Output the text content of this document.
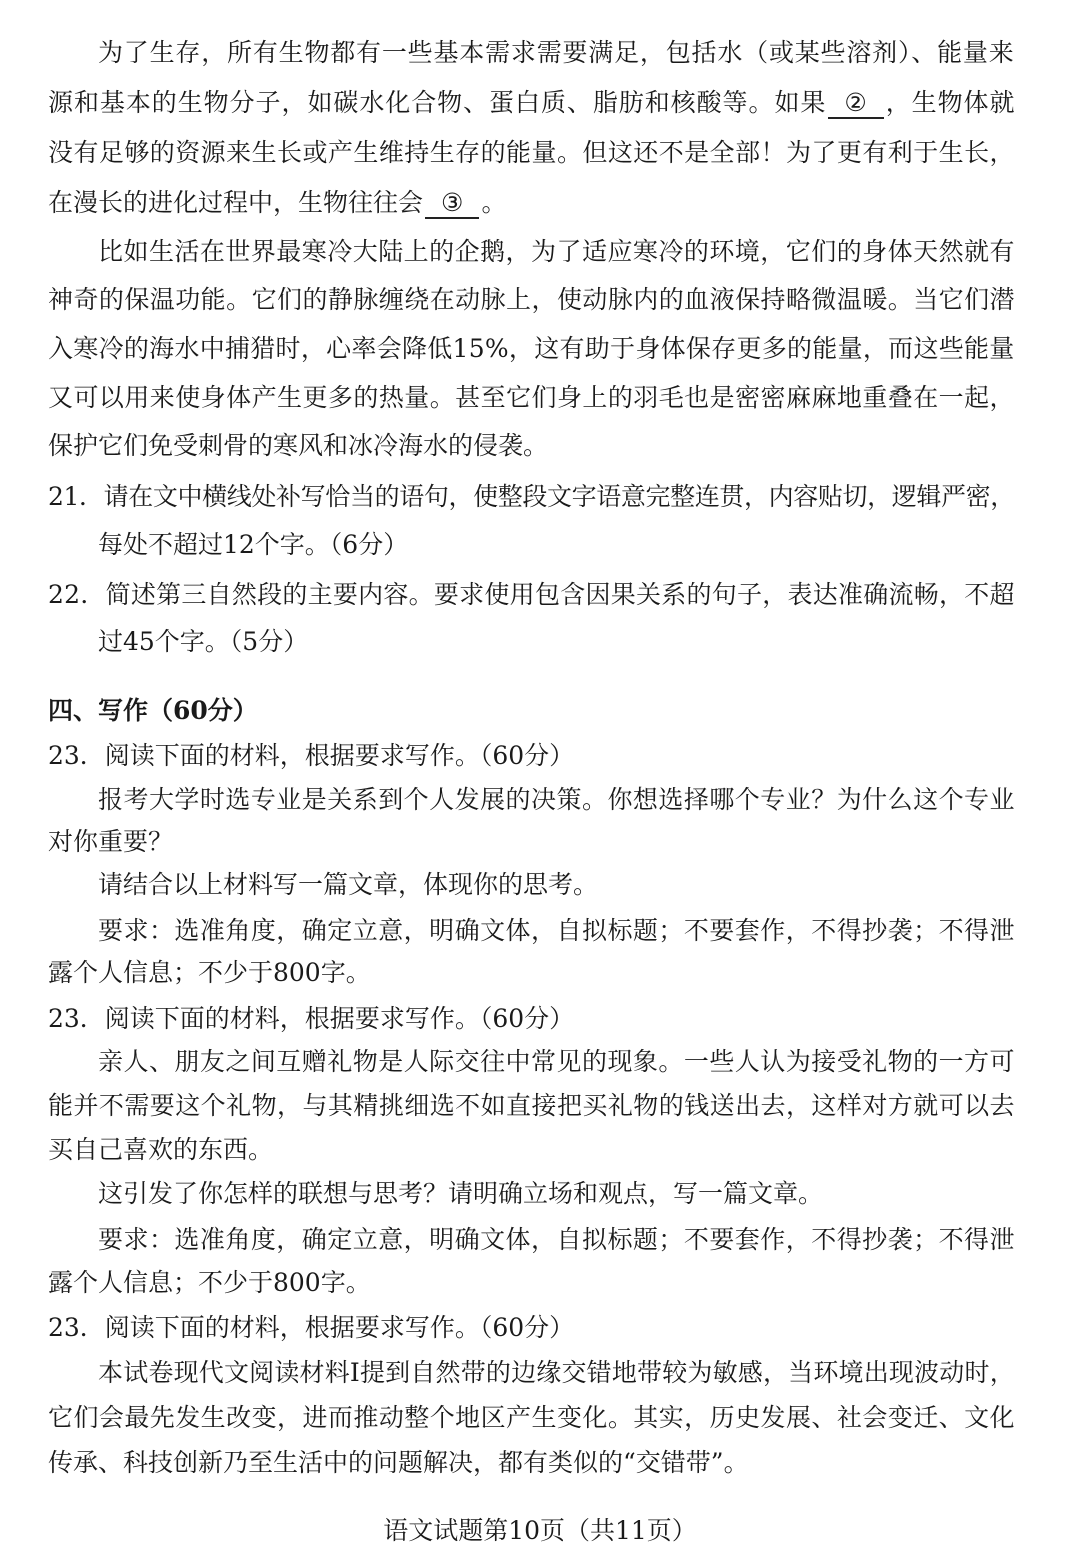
为了生存，所有生物都有一些基本需求需要满足，包括水（或某些溶剂）、能量来
源和基本的生物分子，如碳水化合物、蛋白质、脂肪和核酸等。如果 ② ，生物体就
没有足够的资源来生长或产生维持生存的能量。但这还不是全部！为了更有利于生长，
在漫长的进化过程中，生物往往会 ③ 。
比如生活在世界最寒冷大陆上的企鹅，为了适应寒冷的环境，它们的身体天然就有
神奇的保温功能。它们的静脉缠绕在动脉上，使动脉内的血液保持略微温暖。当它们潜
入寒冷的海水中捕猎时，心率会降低15%，这有助于身体保存更多的能量，而这些能量
又可以用来使身体产生更多的热量。甚至它们身上的羽毛也是密密麻麻地重叠在一起，
保护它们免受刺骨的寒风和冰冷海水的侵袭。
21．请在文中横线处补写恰当的语句，使整段文字语意完整连贯，内容贴切，逻辑严密，
每处不超过12个字。（6分）
22．简述第三自然段的主要内容。要求使用包含因果关系的句子，表达准确流畅，不超
过45个字。（5分）
四、写作（60分）
23．阅读下面的材料，根据要求写作。（60分）
报考大学时选专业是关系到个人发展的决策。你想选择哪个专业？为什么这个专业
对你重要？
请结合以上材料写一篇文章，体现你的思考。
要求：选准角度，确定立意，明确文体，自拟标题；不要套作，不得抄袭；不得泄
露个人信息；不少于800字。
23．阅读下面的材料，根据要求写作。（60分）
亲人、朋友之间互赠礼物是人际交往中常见的现象。一些人认为接受礼物的一方可
能并不需要这个礼物，与其精挑细选不如直接把买礼物的钱送出去，这样对方就可以去
买自己喜欢的东西。
这引发了你怎样的联想与思考？请明确立场和观点，写一篇文章。
要求：选准角度，确定立意，明确文体，自拟标题；不要套作，不得抄袭；不得泄
露个人信息；不少于800字。
23．阅读下面的材料，根据要求写作。（60分）
本试卷现代文阅读材料Ⅰ提到自然带的边缘交错地带较为敏感，当环境出现波动时，
它们会最先发生改变，进而推动整个地区产生变化。其实，历史发展、社会变迁、文化
传承、科技创新乃至生活中的问题解决，都有类似的“交错带”。
语文试题第10页（共11页）
